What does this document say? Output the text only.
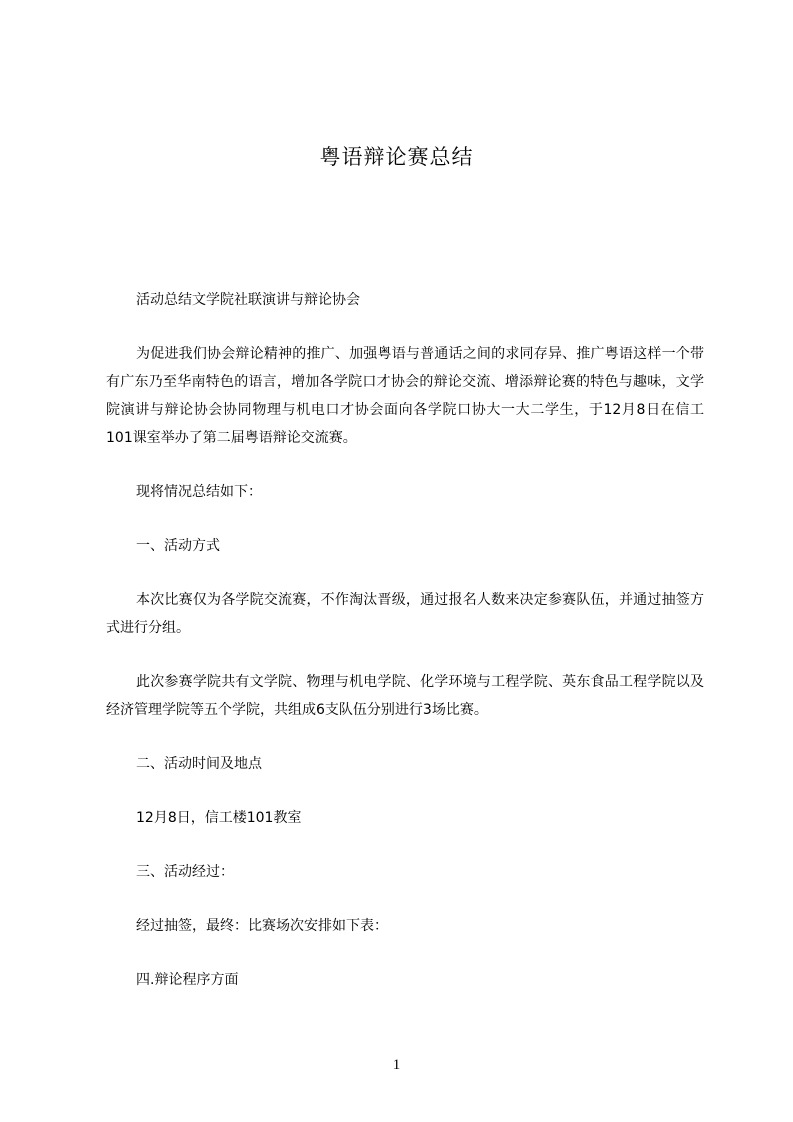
粤语辩论赛总结

活动总结文学院社联演讲与辩论协会

为促进我们协会辩论精神的推广、加强粤语与普通话之间的求同存异、推广粤语这样一个带有广东乃至华南特色的语言，增加各学院口才协会的辩论交流、增添辩论赛的特色与趣味，文学院演讲与辩论协会协同物理与机电口才协会面向各学院口协大一大二学生，于12月8日在信工101课室举办了第二届粤语辩论交流赛。

现将情况总结如下：

一、活动方式

本次比赛仅为各学院交流赛，不作淘汰晋级，通过报名人数来决定参赛队伍，并通过抽签方式进行分组。

此次参赛学院共有文学院、物理与机电学院、化学环境与工程学院、英东食品工程学院以及经济管理学院等五个学院，共组成6支队伍分别进行3场比赛。

二、活动时间及地点

12月8日，信工楼101教室

三、活动经过：

经过抽签，最终：比赛场次安排如下表：

四.辩论程序方面

1
